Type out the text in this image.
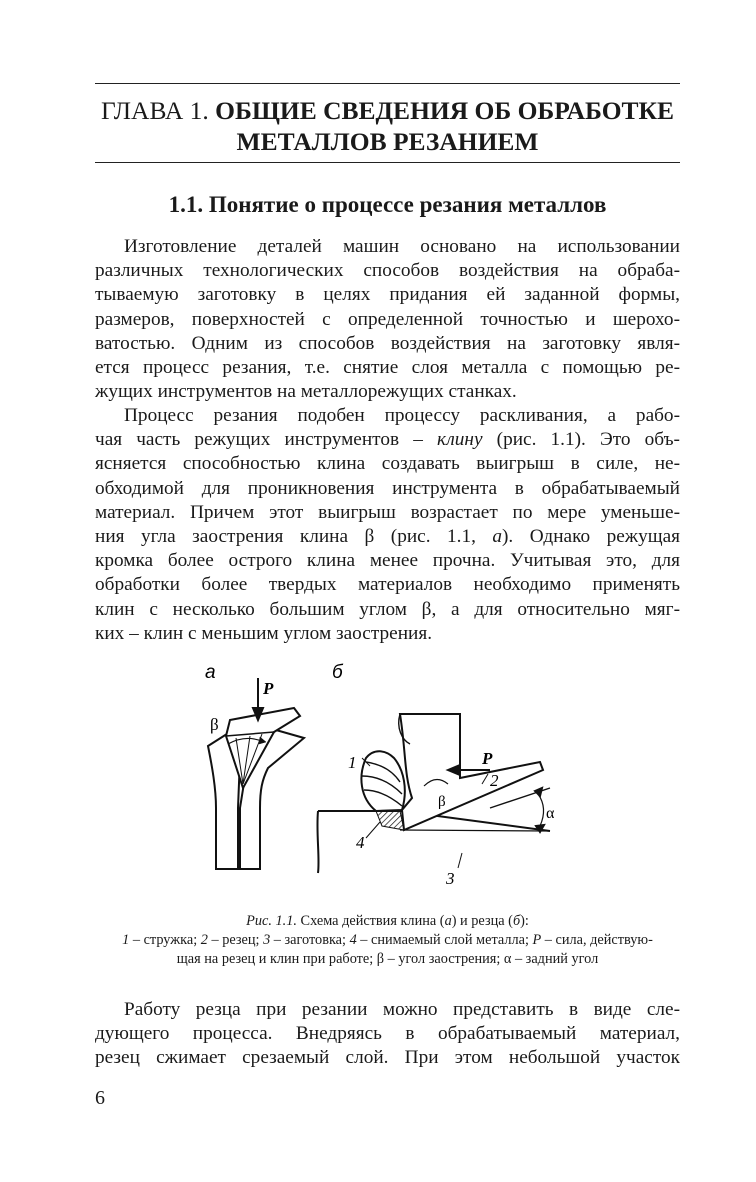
ГЛАВА 1. ОБЩИЕ СВЕДЕНИЯ ОБ ОБРАБОТКЕ
МЕТАЛЛОВ РЕЗАНИЕМ
1.1. Понятие о процессе резания металлов
Изготовление деталей машин основано на использовании
различных технологических способов воздействия на обраба-
тываемую заготовку в целях придания ей заданной формы,
размеров, поверхностей с определенной точностью и шерохо-
ватостью. Одним из способов воздействия на заготовку явля-
ется процесс резания, т.е. снятие слоя металла с помощью ре-
жущих инструментов на металлорежущих станках.
Процесс резания подобен процессу раскливания, а рабо-
чая часть режущих инструментов – клину (рис. 1.1). Это объ-
ясняется способностью клина создавать выигрыш в силе, не-
обходимой для проникновения инструмента в обрабатываемый
материал. Причем этот выигрыш возрастает по мере уменьше-
ния угла заострения клина β (рис. 1.1, а). Однако режущая
кромка более острого клина менее прочна. Учитывая это, для
обработки более твердых материалов необходимо применять
клин с несколько большим углом β, а для относительно мяг-
ких – клин с меньшим углом заострения.
а	б
P
β
P
β
α
1
2
3
4
Рис. 1.1. Схема действия клина (а) и резца (б):
1 – стружка; 2 – резец; 3 – заготовка; 4 – снимаемый слой металла; P – сила, действую-
щая на резец и клин при работе; β – угол заострения; α – задний угол
Работу резца при резании можно представить в виде сле-
дующего процесса. Внедряясь в обрабатываемый материал,
резец сжимает срезаемый слой. При этом небольшой участок
6
